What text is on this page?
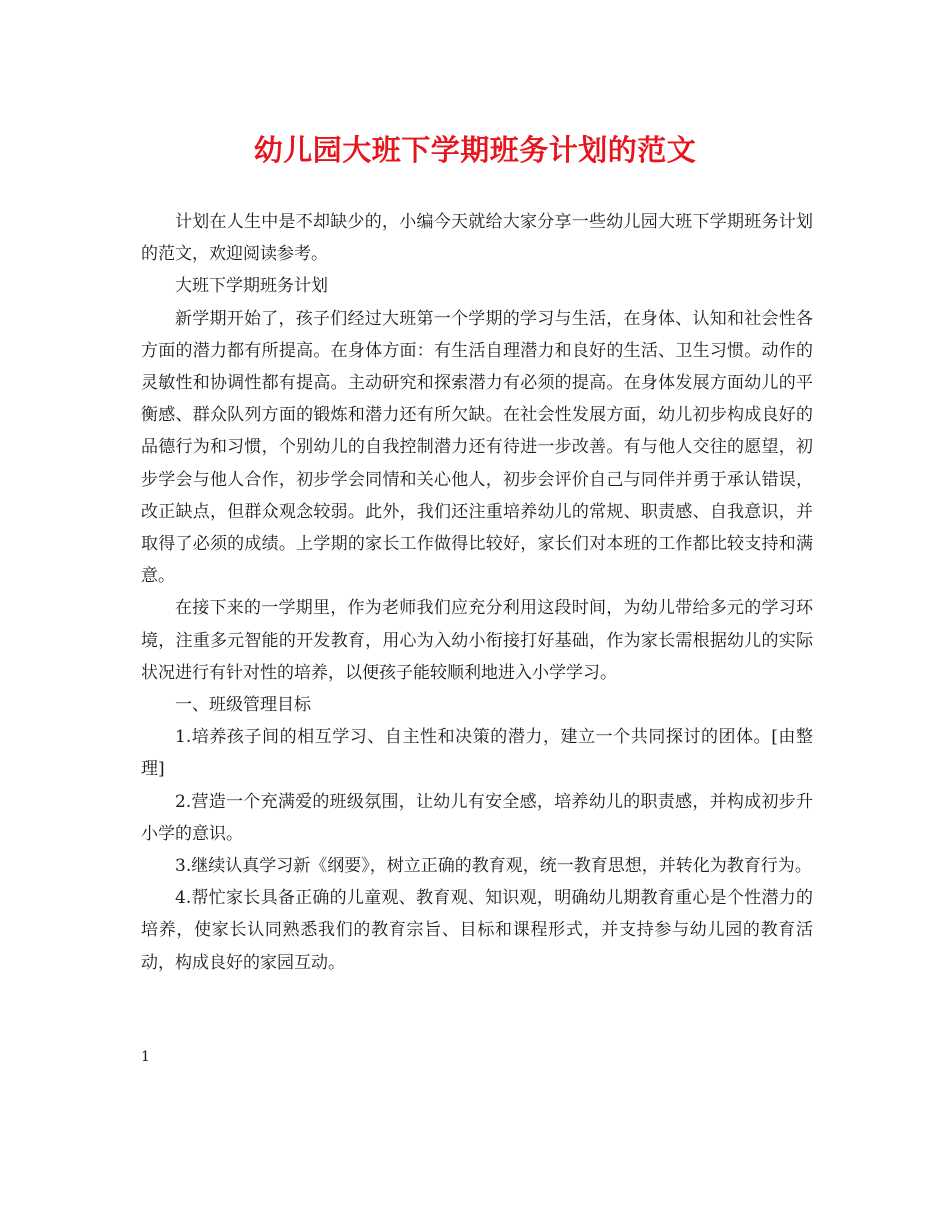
幼儿园大班下学期班务计划的范文

计划在人生中是不却缺少的，小编今天就给大家分享一些幼儿园大班下学期班务计划的范文，欢迎阅读参考。

大班下学期班务计划

新学期开始了，孩子们经过大班第一个学期的学习与生活，在身体、认知和社会性各方面的潜力都有所提高。在身体方面：有生活自理潜力和良好的生活、卫生习惯。动作的灵敏性和协调性都有提高。主动研究和探索潜力有必须的提高。在身体发展方面幼儿的平衡感、群众队列方面的锻炼和潜力还有所欠缺。在社会性发展方面，幼儿初步构成良好的品德行为和习惯，个别幼儿的自我控制潜力还有待进一步改善。有与他人交往的愿望，初步学会与他人合作，初步学会同情和关心他人，初步会评价自己与同伴并勇于承认错误，改正缺点，但群众观念较弱。此外，我们还注重培养幼儿的常规、职责感、自我意识，并取得了必须的成绩。上学期的家长工作做得比较好，家长们对本班的工作都比较支持和满意。

在接下来的一学期里，作为老师我们应充分利用这段时间，为幼儿带给多元的学习环境，注重多元智能的开发教育，用心为入幼小衔接打好基础，作为家长需根据幼儿的实际状况进行有针对性的培养，以便孩子能较顺利地进入小学学习。

一、班级管理目标

1.培养孩子间的相互学习、自主性和决策的潜力，建立一个共同探讨的团体。[由整理]

2.营造一个充满爱的班级氛围，让幼儿有安全感，培养幼儿的职责感，并构成初步升小学的意识。

3.继续认真学习新《纲要》，树立正确的教育观，统一教育思想，并转化为教育行为。

4.帮忙家长具备正确的儿童观、教育观、知识观，明确幼儿期教育重心是个性潜力的培养，使家长认同熟悉我们的教育宗旨、目标和课程形式，并支持参与幼儿园的教育活动，构成良好的家园互动。

1
